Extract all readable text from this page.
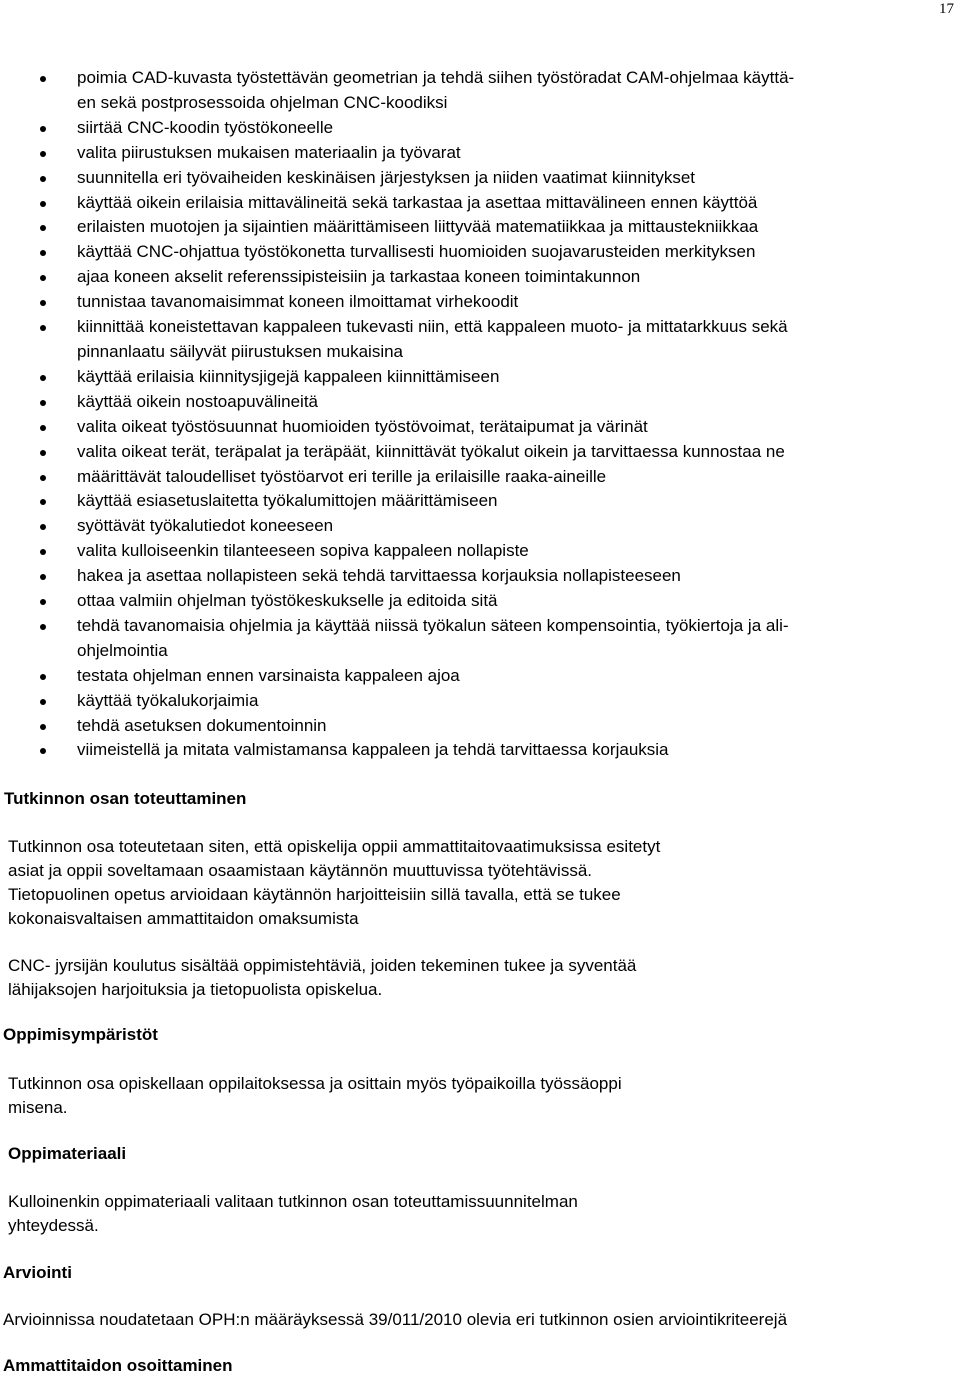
17
poimia CAD-kuvasta työstettävän geometrian ja tehdä siihen työstöradat CAM-ohjelmaa käyttä-
en sekä postprosessoida ohjelman CNC-koodiksi
siirtää CNC-koodin työstökoneelle
valita piirustuksen mukaisen materiaalin ja työvarat
suunnitella eri työvaiheiden keskinäisen järjestyksen ja niiden vaatimat kiinnitykset
käyttää oikein erilaisia mittavälineitä sekä tarkastaa ja asettaa mittavälineen ennen käyttöä
erilaisten muotojen ja sijaintien määrittämiseen liittyvää matematiikkaa ja mittaustekniikkaa
käyttää CNC-ohjattua työstökonetta turvallisesti huomioiden suojavarusteiden merkityksen
ajaa koneen akselit referenssipisteisiin ja tarkastaa koneen toimintakunnon
tunnistaa tavanomaisimmat koneen ilmoittamat virhekoodit
kiinnittää koneistettavan kappaleen tukevasti niin, että kappaleen muoto- ja mittatarkkuus sekä
pinnanlaatu säilyvät piirustuksen mukaisina
käyttää erilaisia kiinnitysjigejä kappaleen kiinnittämiseen
käyttää oikein nostoapuvälineitä
valita oikeat työstösuunnat huomioiden työstövoimat, terätaipumat ja värinät
valita oikeat terät, teräpalat ja teräpäät, kiinnittävät työkalut oikein ja tarvittaessa kunnostaa ne
määrittävät taloudelliset työstöarvot eri terille ja erilaisille raaka-aineille
käyttää esiasetuslaitetta työkalumittojen määrittämiseen
syöttävät työkalutiedot koneeseen
valita kulloiseenkin tilanteeseen sopiva kappaleen nollapiste
hakea ja asettaa nollapisteen sekä tehdä tarvittaessa korjauksia nollapisteeseen
ottaa valmiin ohjelman työstökeskukselle ja editoida sitä
tehdä tavanomaisia ohjelmia ja käyttää niissä työkalun säteen kompensointia, työkiertoja ja ali-
ohjelmointia
testata ohjelman ennen varsinaista kappaleen ajoa
käyttää työkalukorjaimia
tehdä asetuksen dokumentoinnin
viimeistellä ja mitata valmistamansa kappaleen ja tehdä tarvittaessa korjauksia
Tutkinnon osan toteuttaminen

Tutkinnon osa toteutetaan siten, että opiskelija oppii ammattitaitovaatimuksissa esitetyt
asiat ja oppii soveltamaan osaamistaan käytännön muuttuvissa työtehtävissä.
Tietopuolinen opetus arvioidaan käytännön harjoitteisiin sillä tavalla, että se tukee
kokonaisvaltaisen ammattitaidon omaksumista

CNC- jyrsijän koulutus sisältää oppimistehtäviä, joiden tekeminen tukee ja syventää
lähijaksojen harjoituksia ja tietopuolista opiskelua.

Oppimisympäristöt

Tutkinnon osa opiskellaan oppilaitoksessa ja osittain myös työpaikoilla työssäoppi
misena.

Oppimateriaali

Kulloinenkin oppimateriaali valitaan tutkinnon osan toteuttamissuunnitelman
yhteydessä.

Arviointi

Arvioinnissa noudatetaan OPH:n määräyksessä 39/011/2010 olevia eri tutkinnon osien arviointikriteerejä

Ammattitaidon osoittaminen
